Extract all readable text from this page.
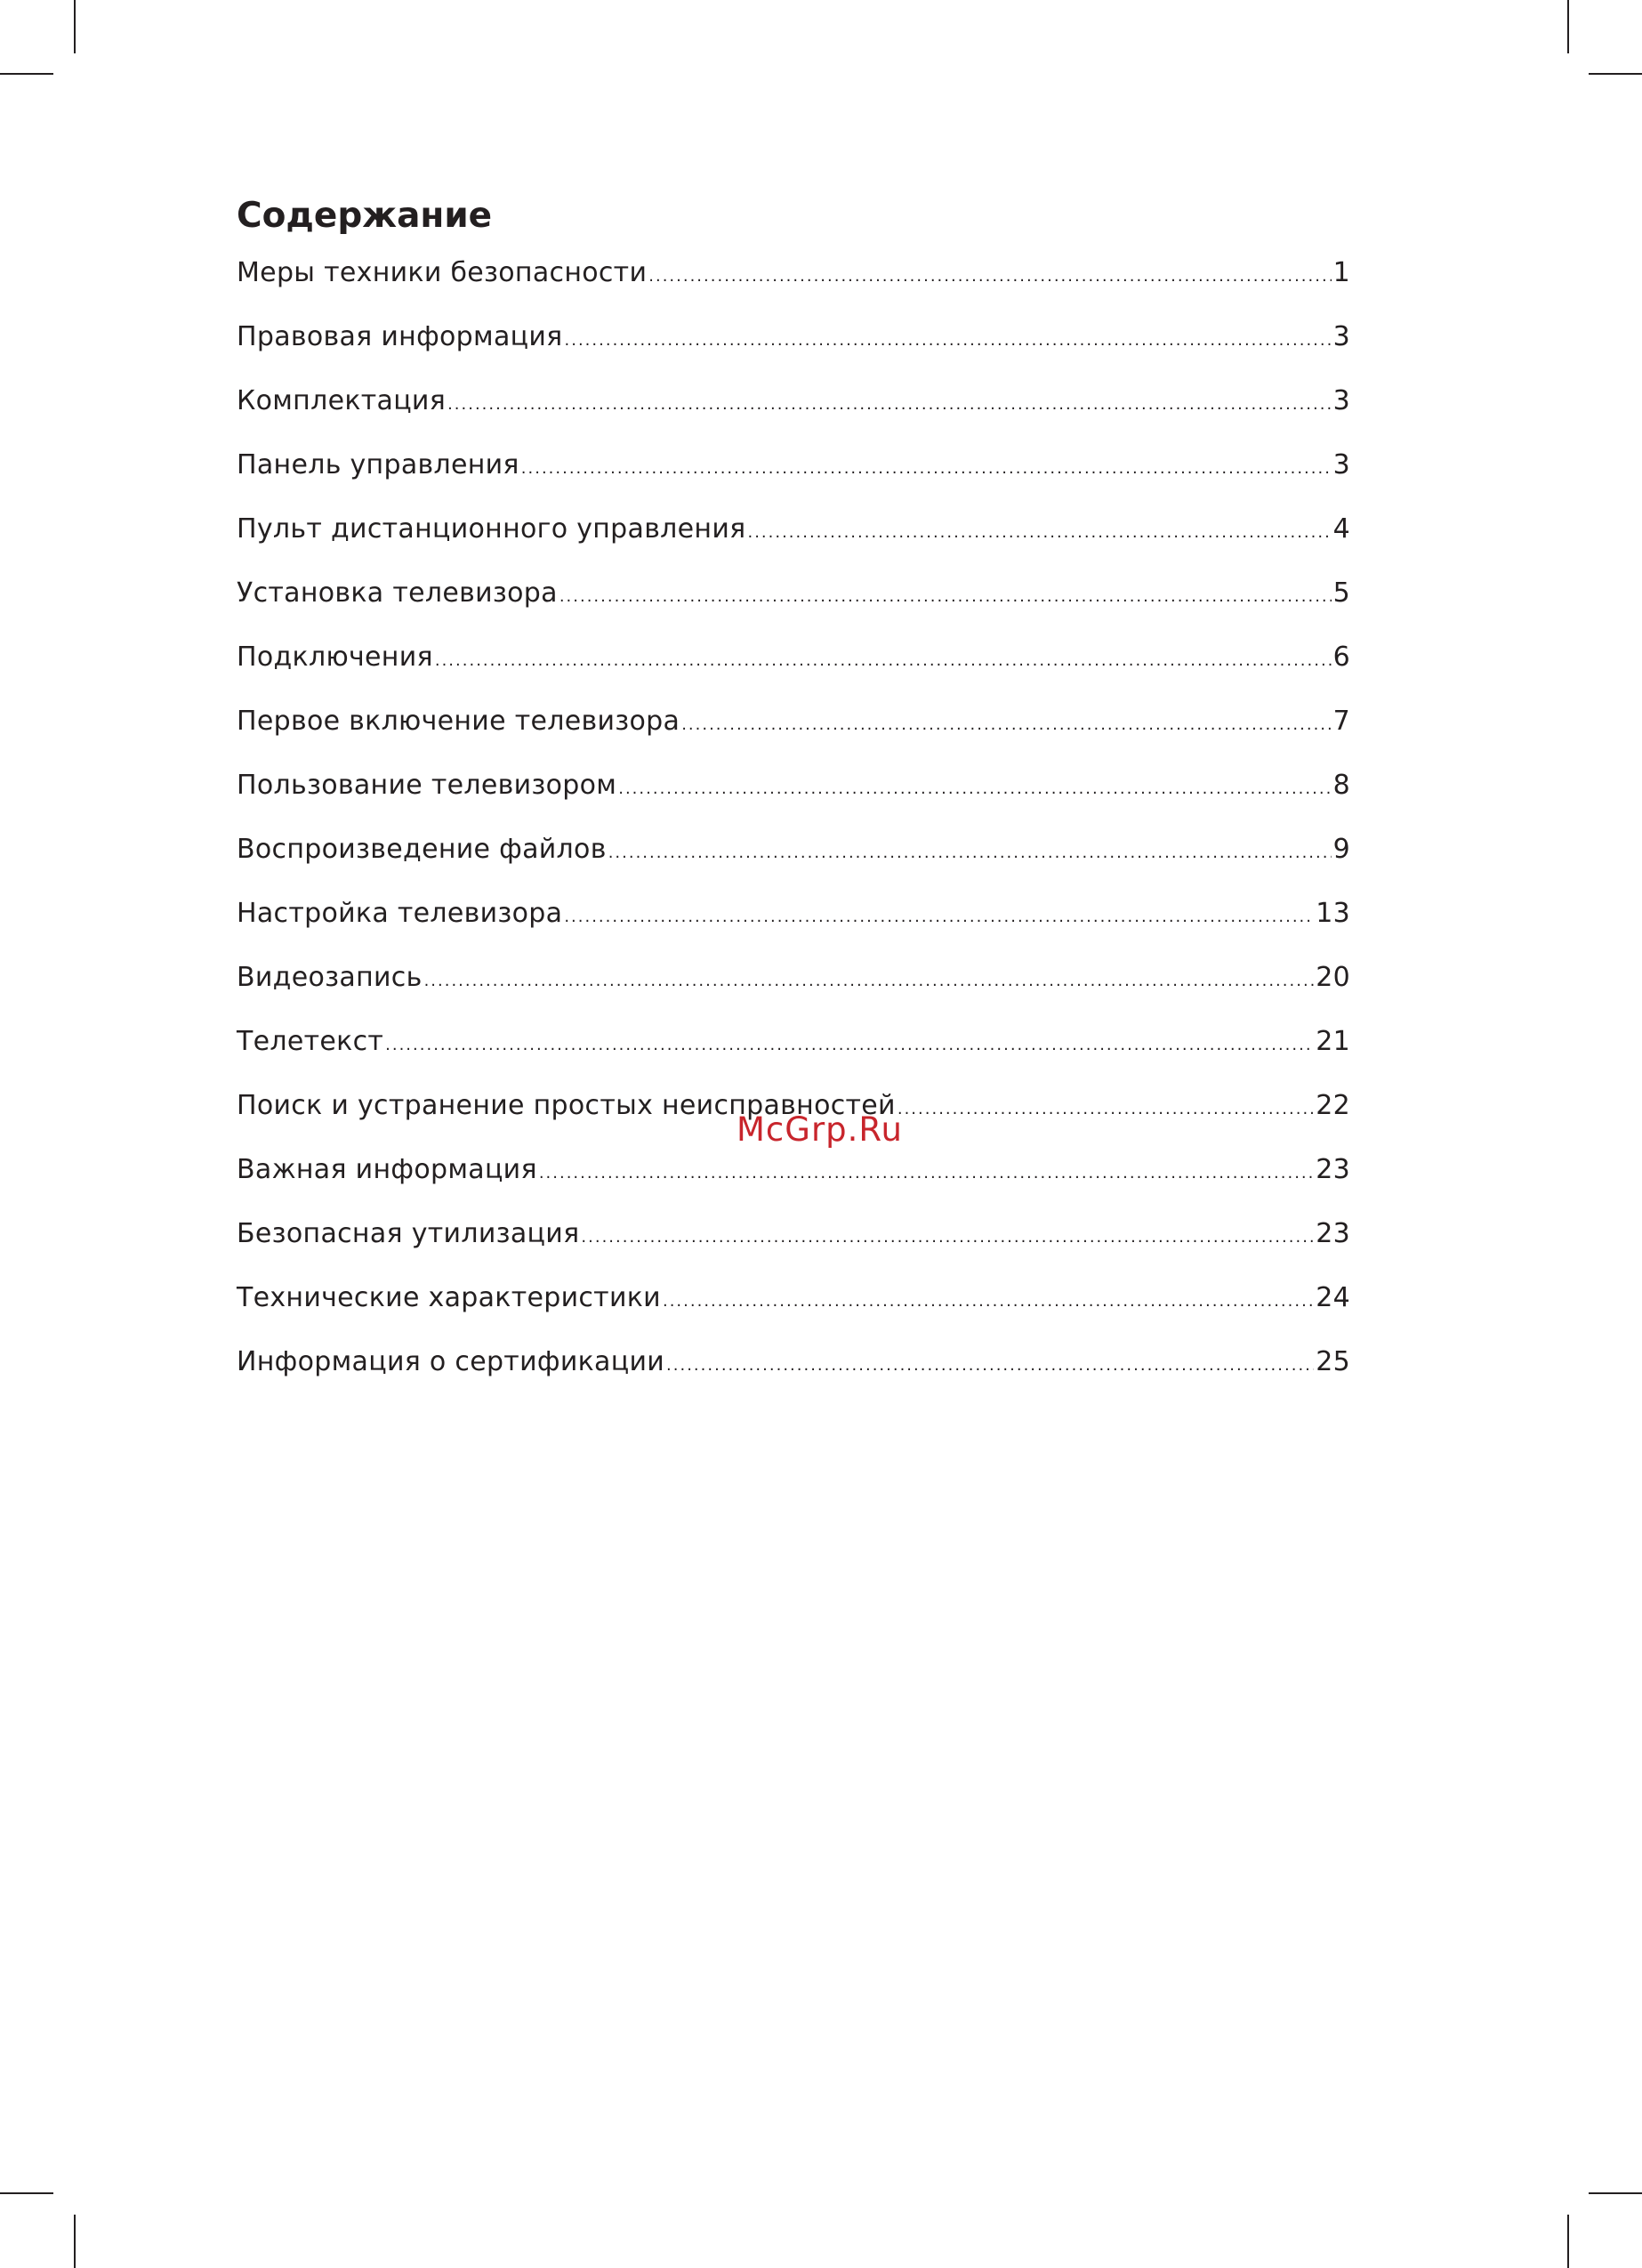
Содержание
Меры техники безопасности .....	1
Правовая информация .....	3
Комплектация .....	3
Панель управления .....	3
Пульт дистанционного управления .....	4
Установка телевизора .....	5
Подключения .....	6
Первое включение телевизора .....	7
Пользование телевизором .....	8
Воспроизведение файлов .....	9
Настройка телевизора .....	13
Видеозапись .....	20
Телетекст .....	21
Поиск и устранение простых неисправностей .....	22
Важная информация .....	23
Безопасная утилизация .....	23
Технические характеристики .....	24
Информация о сертификации .....	25
McGrp.Ru
